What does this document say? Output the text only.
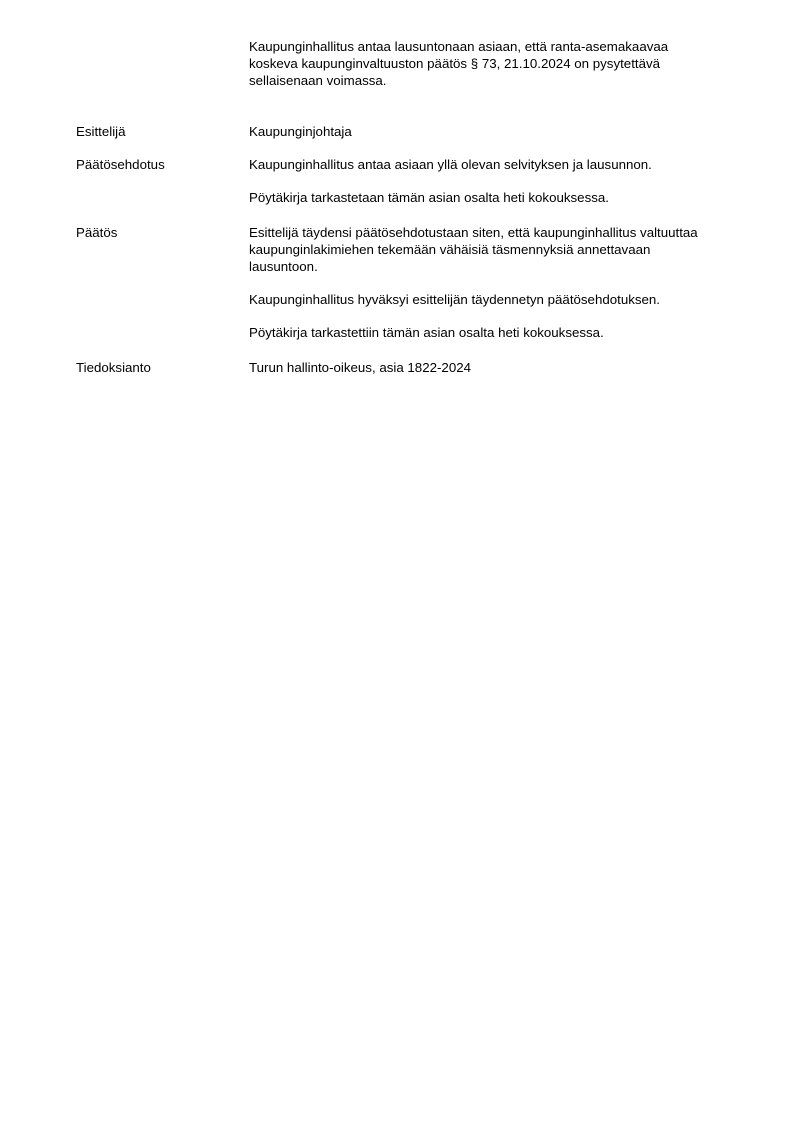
Kaupunginhallitus antaa lausuntonaan asiaan, että ranta-asemakaavaa koskeva kaupunginvaltuuston päätös § 73, 21.10.2024 on pysytettävä sellaisenaan voimassa.

Esittelijä	Kaupunginjohtaja

Päätösehdotus	Kaupunginhallitus antaa asiaan yllä olevan selvityksen ja lausunnon.

Pöytäkirja tarkastetaan tämän asian osalta heti kokouksessa.

Päätös	Esittelijä täydensi päätösehdotustaan siten, että kaupunginhallitus valtuuttaa kaupunginlakimiehen tekemään vähäisiä täsmennyksiä annettavaan lausuntoon.

Kaupunginhallitus hyväksyi esittelijän täydennetyn päätösehdotuksen.

Pöytäkirja tarkastettiin tämän asian osalta heti kokouksessa.

Tiedoksianto	Turun hallinto-oikeus, asia 1822-2024
